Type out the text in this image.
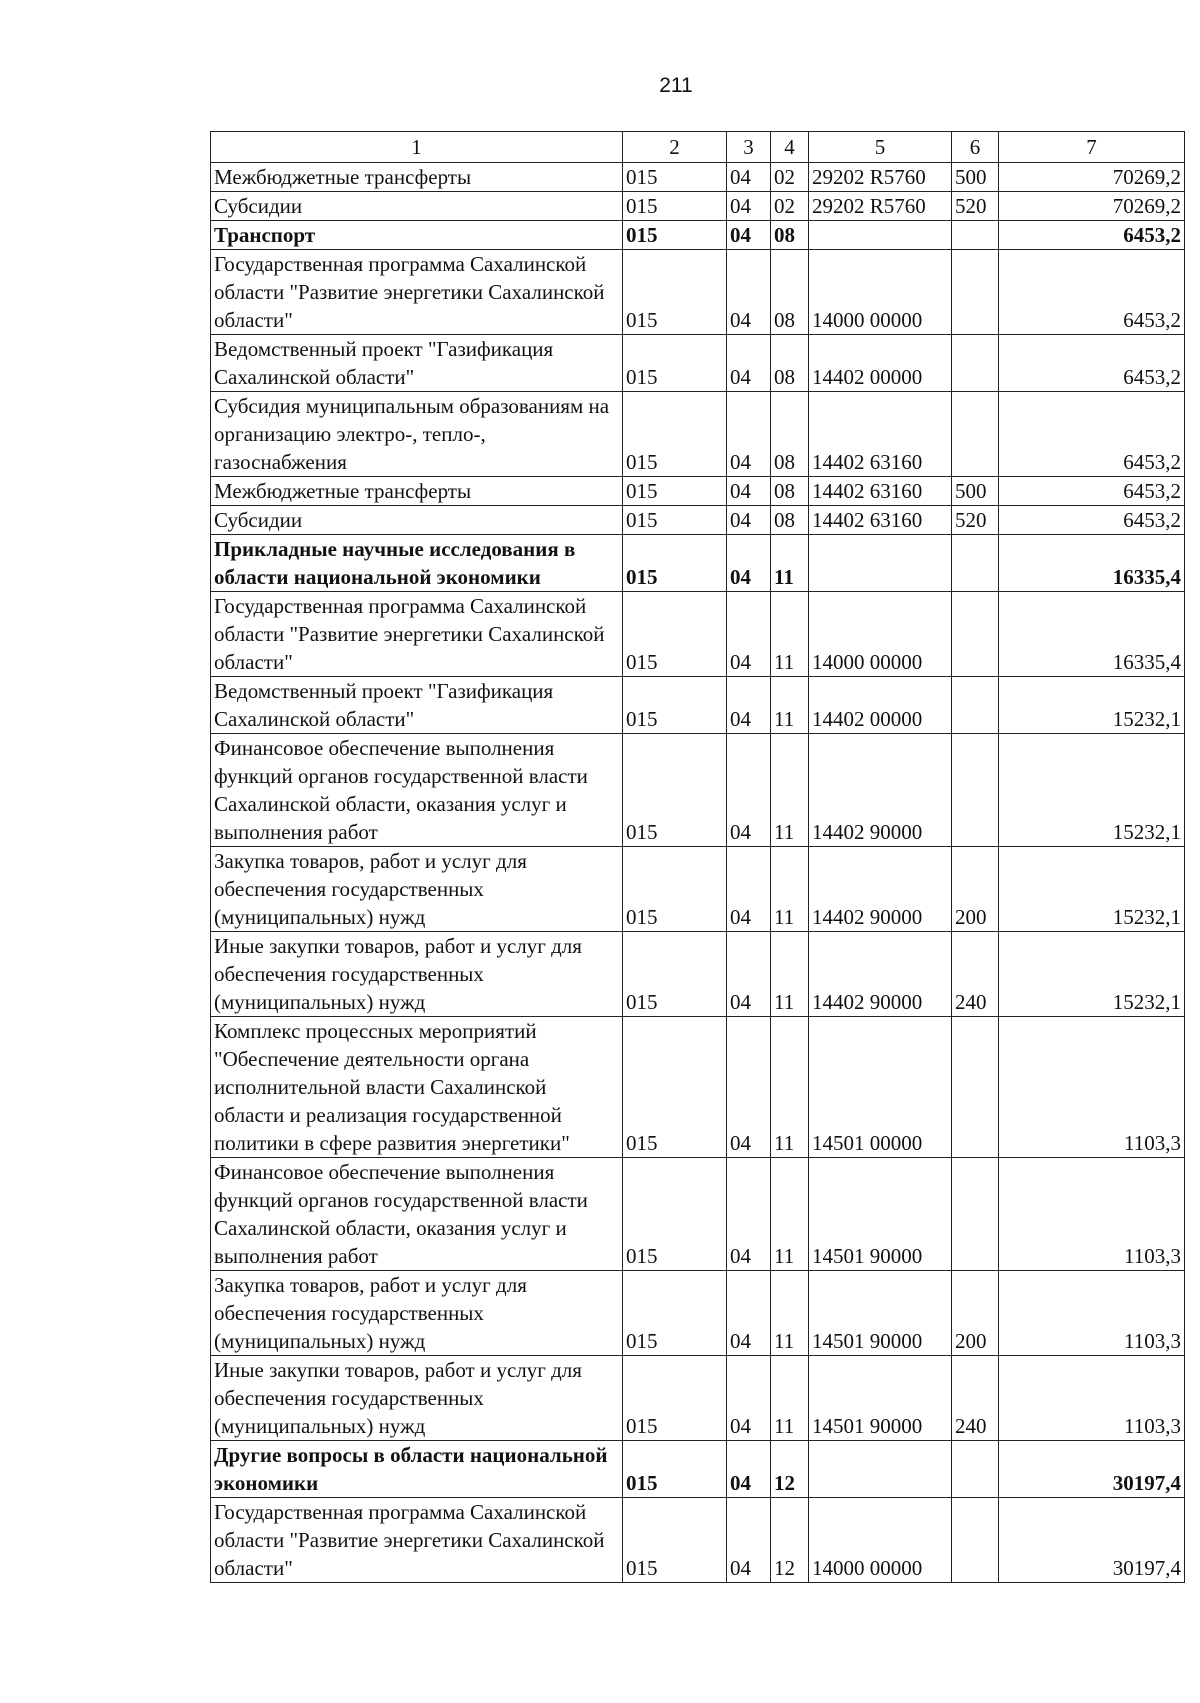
211
1	2	3	4	5	6	7
Межбюджетные трансферты	015	04	02	29202 R5760	500	70269,2
Субсидии	015	04	02	29202 R5760	520	70269,2
Транспорт	015	04	08			6453,2
Государственная программа Сахалинской области "Развитие энергетики Сахалинской области"	015	04	08	14000 00000		6453,2
Ведомственный проект "Газификация Сахалинской области"	015	04	08	14402 00000		6453,2
Субсидия муниципальным образованиям на организацию электро-, тепло-, газоснабжения	015	04	08	14402 63160		6453,2
Межбюджетные трансферты	015	04	08	14402 63160	500	6453,2
Субсидии	015	04	08	14402 63160	520	6453,2
Прикладные научные исследования в области национальной экономики	015	04	11			16335,4
Государственная программа Сахалинской области "Развитие энергетики Сахалинской области"	015	04	11	14000 00000		16335,4
Ведомственный проект "Газификация Сахалинской области"	015	04	11	14402 00000		15232,1
Финансовое обеспечение выполнения функций органов государственной власти Сахалинской области, оказания услуг и выполнения работ	015	04	11	14402 90000		15232,1
Закупка товаров, работ и услуг для обеспечения государственных (муниципальных) нужд	015	04	11	14402 90000	200	15232,1
Иные закупки товаров, работ и услуг для обеспечения государственных (муниципальных) нужд	015	04	11	14402 90000	240	15232,1
Комплекс процессных мероприятий "Обеспечение деятельности органа исполнительной власти Сахалинской области и реализация государственной политики в сфере развития энергетики"	015	04	11	14501 00000		1103,3
Финансовое обеспечение выполнения функций органов государственной власти Сахалинской области, оказания услуг и выполнения работ	015	04	11	14501 90000		1103,3
Закупка товаров, работ и услуг для обеспечения государственных (муниципальных) нужд	015	04	11	14501 90000	200	1103,3
Иные закупки товаров, работ и услуг для обеспечения государственных (муниципальных) нужд	015	04	11	14501 90000	240	1103,3
Другие вопросы в области национальной экономики	015	04	12			30197,4
Государственная программа Сахалинской области "Развитие энергетики Сахалинской области"	015	04	12	14000 00000		30197,4
